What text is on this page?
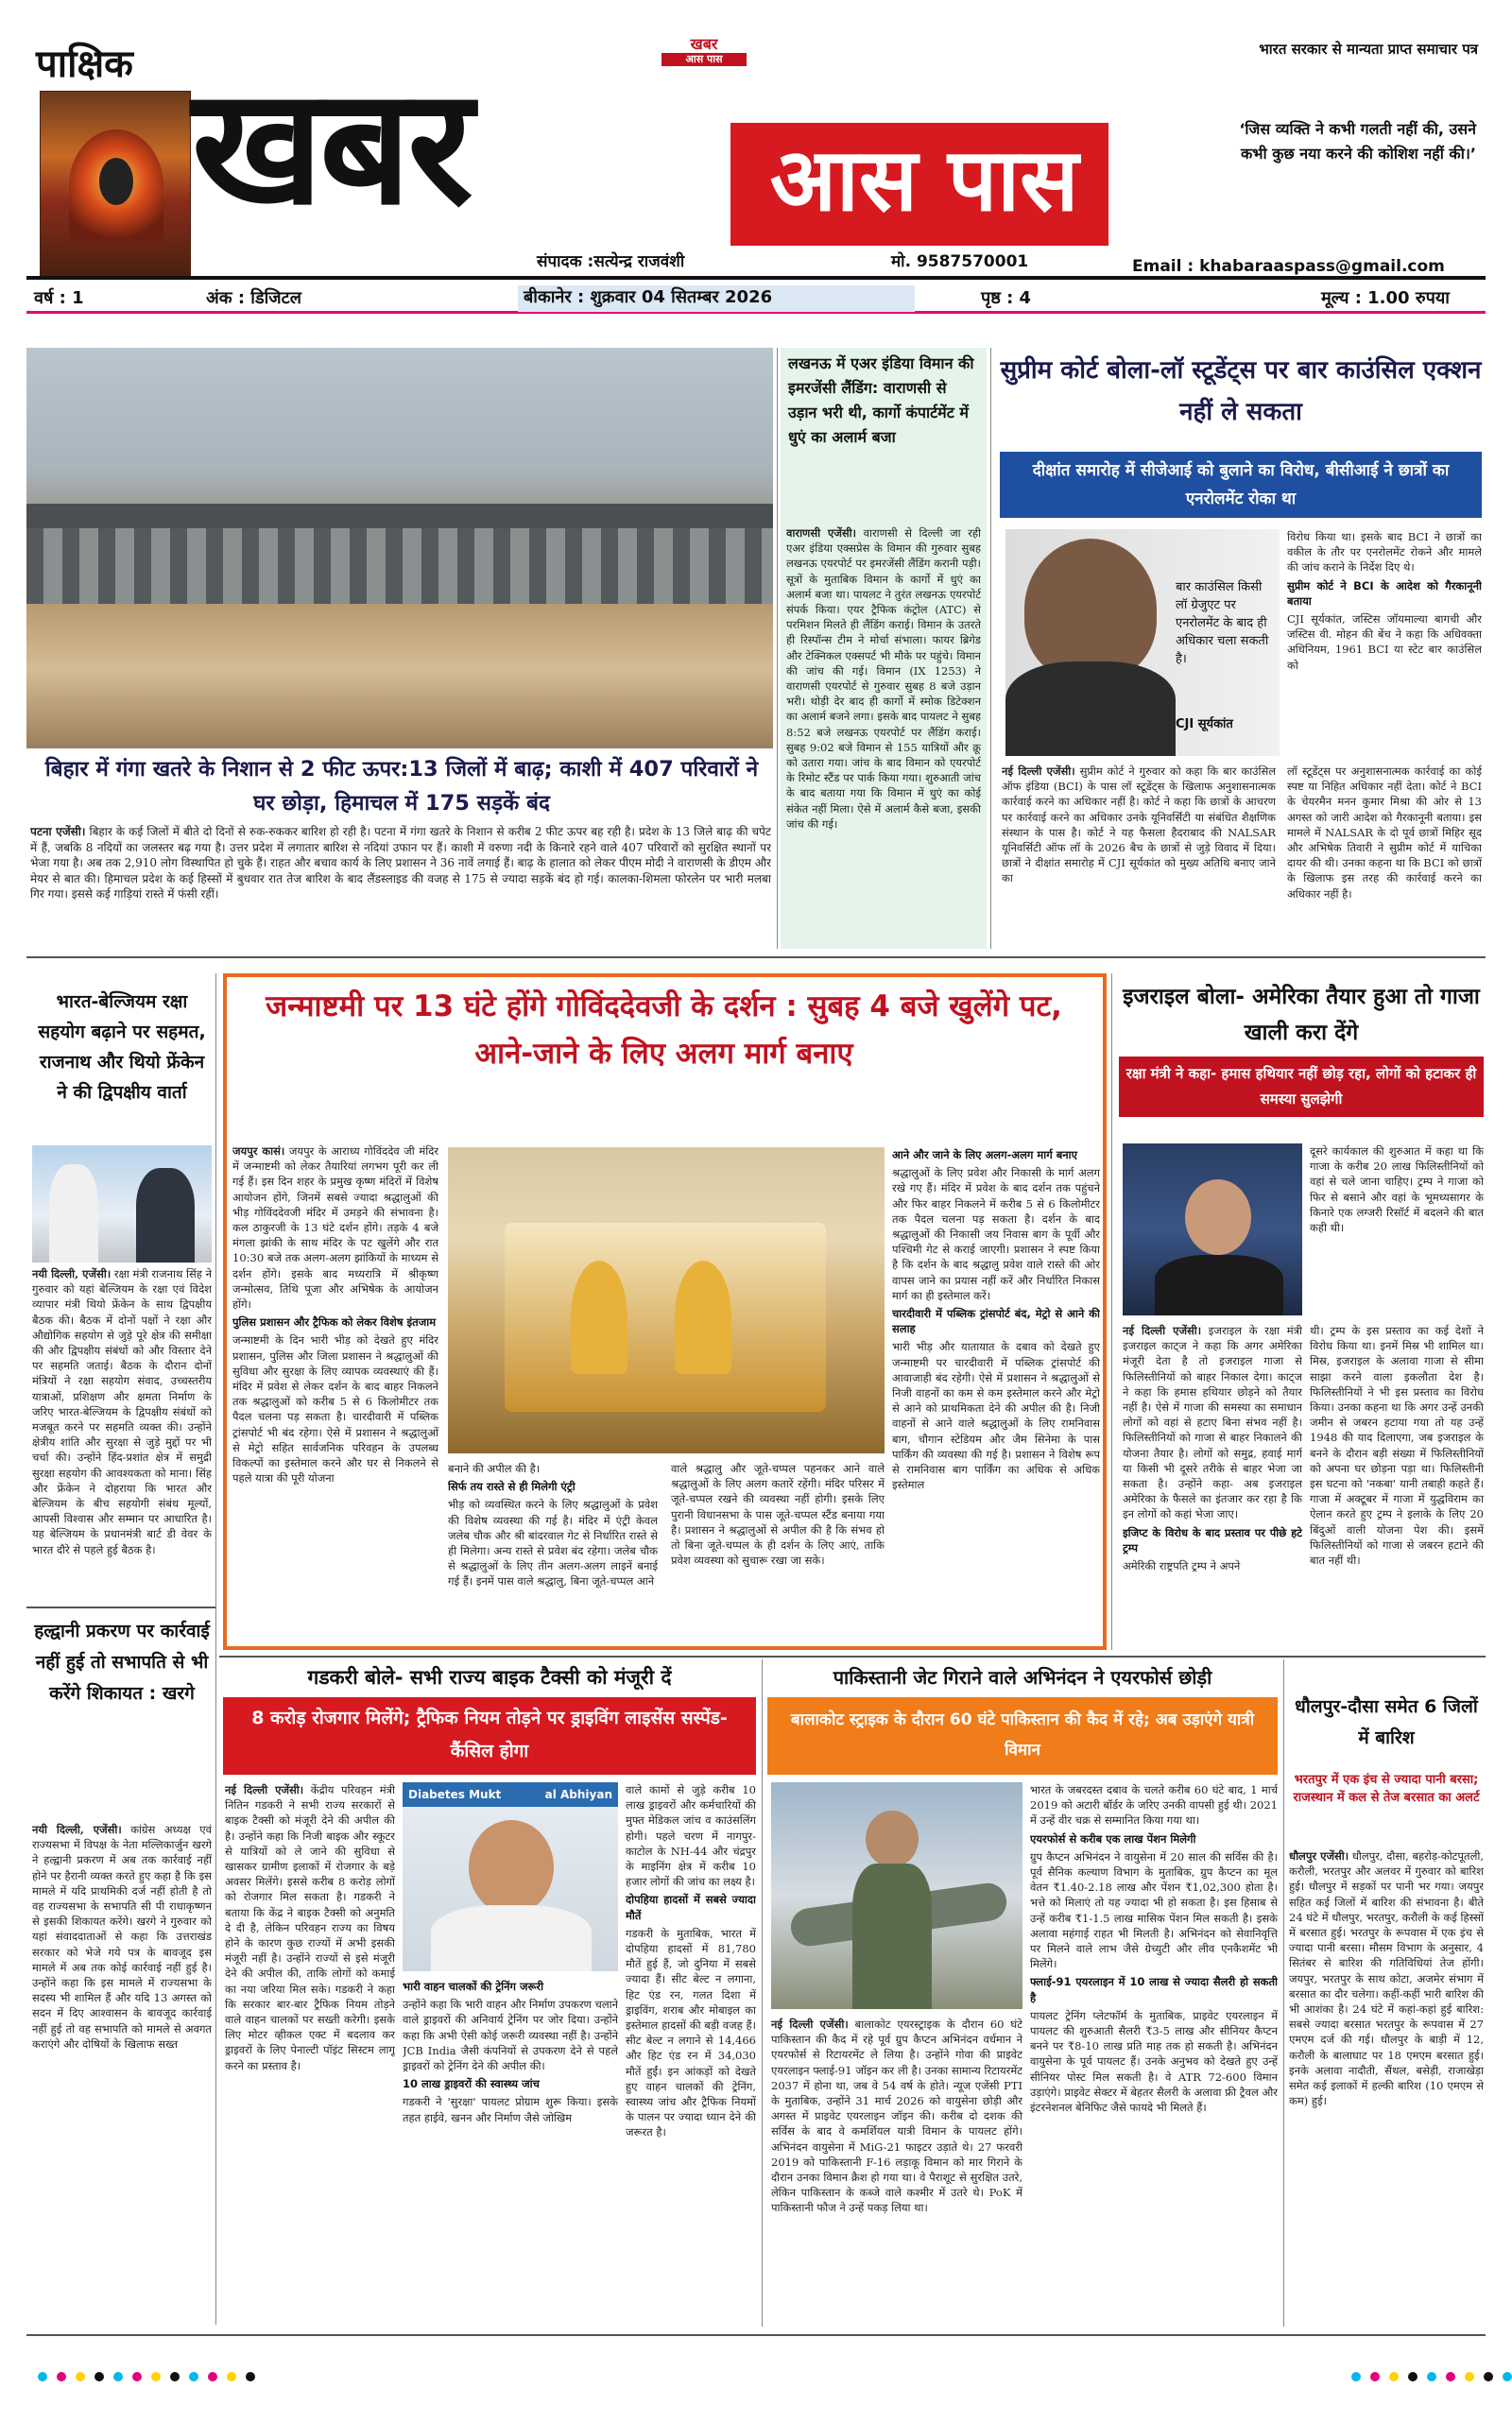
पाक्षिक खबर	आस पास
खबर
आस पास
भारत सरकार से मान्यता प्राप्त समाचार पत्र
‘जिस व्यक्ति ने कभी गलती नहीं की, उसने कभी कुछ नया करने की कोशिश नहीं की।’
संपादक :सत्येन्द्र राजवंशी	मो. 9587570001	Email : khabaraaspass@gmail.com
वर्ष : 1	अंक : डिजिटल	बीकानेर : शुक्रवार 04 सितम्बर 2026	पृष्ठ : 4	मूल्य : 1.00 रुपया
बिहार में गंगा खतरे के निशान से 2 फीट ऊपर:13 जिलों में बाढ़; काशी में 407 परिवारों ने घर छोड़ा, हिमाचल में 175 सड़कें बंद
पटना एजेंसी। बिहार के कई जिलों में बीते दो दिनों से रुक-रुककर बारिश हो रही है। पटना में गंगा खतरे के निशान से करीब 2 फीट ऊपर बह रही है। प्रदेश के 13 जिले बाढ़ की चपेट में हैं, जबकि 8 नदियों का जलस्तर बढ़ गया है। उत्तर प्रदेश में लगातार बारिश से नदियां उफान पर हैं। काशी में वरुणा नदी के किनारे रहने वाले 407 परिवारों को सुरक्षित स्थानों पर भेजा गया है। अब तक 2,910 लोग विस्थापित हो चुके हैं। राहत और बचाव कार्य के लिए प्रशासन ने 36 नावें लगाई हैं। बाढ़ के हालात को लेकर पीएम मोदी ने वाराणसी के डीएम और मेयर से बात की। हिमाचल प्रदेश के कई हिस्सों में बुधवार रात तेज बारिश के बाद लैंडस्लाइड की वजह से 175 से ज्यादा सड़कें बंद हो गई। कालका-शिमला फोरलेन पर भारी मलबा गिर गया। इससे कई गाड़ियां रास्ते में फंसी रहीं।
लखनऊ में एअर इंडिया विमान की इमरजेंसी लैंडिंग: वाराणसी से उड़ान भरी थी, कार्गो कंपार्टमेंट में धुएं का अलार्म बजा
वाराणसी एजेंसी। वाराणसी से दिल्ली जा रही एअर इंडिया एक्सप्रेस के विमान की गुरुवार सुबह लखनऊ एयरपोर्ट पर इमरजेंसी लैंडिंग करानी पड़ी। सूत्रों के मुताबिक विमान के कार्गो में धुएं का अलार्म बजा था। पायलट ने तुरंत लखनऊ एयरपोर्ट संपर्क किया। एयर ट्रैफिक कंट्रोल (ATC) से परमिशन मिलते ही लैंडिंग कराई। विमान के उतरते ही रिस्पॉन्स टीम ने मोर्चा संभाला। फायर ब्रिगेड और टेक्निकल एक्सपर्ट भी मौके पर पहुंचे। विमान की जांच की गई। विमान (IX 1253) ने वाराणसी एयरपोर्ट से गुरुवार सुबह 8 बजे उड़ान भरी। थोड़ी देर बाद ही कार्गो में स्मोक डिटेक्शन का अलार्म बजने लगा। इसके बाद पायलट ने सुबह 8:52 बजे लखनऊ एयरपोर्ट पर लैंडिंग कराई। सुबह 9:02 बजे विमान से 155 यात्रियों और क्रू को उतारा गया। जांच के बाद विमान को एयरपोर्ट के रिमोट स्टैंड पर पार्क किया गया। शुरुआती जांच के बाद बताया गया कि विमान में धुएं का कोई संकेत नहीं मिला। ऐसे में अलार्म कैसे बजा, इसकी जांच की गई।
सुप्रीम कोर्ट बोला-लॉ स्टूडेंट्स पर बार काउंसिल एक्शन नहीं ले सकता
दीक्षांत समारोह में सीजेआई को बुलाने का विरोध, बीसीआई ने छात्रों का एनरोलमेंट रोका था
बार काउंसिल किसी लॉ ग्रेजुएट पर एनरोलमेंट के बाद ही अधिकार चला सकती है।
CJI सूर्यकांत
नई दिल्ली एजेंसी। सुप्रीम कोर्ट ने गुरुवार को कहा कि बार काउंसिल ऑफ इंडिया (BCI) के पास लॉ स्टूडेंट्स के खिलाफ अनुशासनात्मक कार्रवाई करने का अधिकार नहीं है। कोर्ट ने कहा कि छात्रों के आचरण पर कार्रवाई करने का अधिकार उनके यूनिवर्सिटी या संबंधित शैक्षणिक संस्थान के पास है। कोर्ट ने यह फैसला हैदराबाद की NALSAR यूनिवर्सिटी ऑफ लॉ के 2026 बैच के छात्रों से जुड़े विवाद में दिया। छात्रों ने दीक्षांत समारोह में CJI सूर्यकांत को मुख्य अतिथि बनाए जाने का
विरोध किया था। इसके बाद BCI ने छात्रों का वकील के तौर पर एनरोलमेंट रोकने और मामले की जांच कराने के निर्देश दिए थे।
सुप्रीम कोर्ट ने BCI के आदेश को गैरकानूनी बताया
CJI सूर्यकांत, जस्टिस जॉयमाल्या बागची और जस्टिस वी. मोहन की बेंच ने कहा कि अधिवक्ता अधिनियम, 1961 BCI या स्टेट बार काउंसिल को
लॉ स्टूडेंट्स पर अनुशासनात्मक कार्रवाई का कोई स्पष्ट या निहित अधिकार नहीं देता। कोर्ट ने BCI के चेयरमैन मनन कुमार मिश्रा की ओर से 13 अगस्त को जारी आदेश को गैरकानूनी बताया। इस मामले में NALSAR के दो पूर्व छात्रों मिहिर सूद और अभिषेक तिवारी ने सुप्रीम कोर्ट में याचिका दायर की थी। उनका कहना था कि BCI को छात्रों के खिलाफ इस तरह की कार्रवाई करने का अधिकार नहीं है।
भारत-बेल्जियम रक्षा सहयोग बढ़ाने पर सहमत, राजनाथ और थियो फ्रेंकेन ने की द्विपक्षीय वार्ता
नयी दिल्ली, एजेंसी। रक्षा मंत्री राजनाथ सिंह ने गुरुवार को यहां बेल्जियम के रक्षा एवं विदेश व्यापार मंत्री थियो फ्रेंकेन के साथ द्विपक्षीय बैठक की। बैठक में दोनों पक्षों ने रक्षा और औद्योगिक सहयोग से जुड़े पूरे क्षेत्र की समीक्षा की और द्विपक्षीय संबंधों को और विस्तार देने पर सहमति जताई। बैठक के दौरान दोनों मंत्रियों ने रक्षा सहयोग संवाद, उच्चस्तरीय यात्राओं, प्रशिक्षण और क्षमता निर्माण के जरिए भारत-बेल्जियम के द्विपक्षीय संबंधों को मजबूत करने पर सहमति व्यक्त की। उन्होंने क्षेत्रीय शांति और सुरक्षा से जुड़े मुद्दों पर भी चर्चा की। उन्होंने हिंद-प्रशांत क्षेत्र में समुद्री सुरक्षा सहयोग की आवश्यकता को माना। सिंह और फ्रेंकेन ने दोहराया कि भारत और बेल्जियम के बीच सहयोगी संबंध मूल्यों, आपसी विश्वास और सम्मान पर आधारित है। यह बेल्जियम के प्रधानमंत्री बार्ट डी वेवर के भारत दौरे से पहले हुई बैठक है।
जन्माष्टमी पर 13 घंटे होंगे गोविंददेवजी के दर्शन : सुबह 4 बजे खुलेंगे पट, आने-जाने के लिए अलग मार्ग बनाए
जयपुर कासं। जयपुर के आराध्य गोविंददेव जी मंदिर में जन्माष्टमी को लेकर तैयारियां लगभग पूरी कर ली गई हैं। इस दिन शहर के प्रमुख कृष्ण मंदिरों में विशेष आयोजन होंगे, जिनमें सबसे ज्यादा श्रद्धालुओं की भीड़ गोविंददेवजी मंदिर में उमड़ने की संभावना है। कल ठाकुरजी के 13 घंटे दर्शन होंगे। तड़के 4 बजे मंगला झांकी के साथ मंदिर के पट खुलेंगे और रात 10:30 बजे तक अलग-अलग झांकियों के माध्यम से दर्शन होंगे। इसके बाद मध्यरात्रि में श्रीकृष्ण जन्मोत्सव, तिथि पूजा और अभिषेक के आयोजन होंगे।
पुलिस प्रशासन और ट्रैफिक को लेकर विशेष इंतजाम
जन्माष्टमी के दिन भारी भीड़ को देखते हुए मंदिर प्रशासन, पुलिस और जिला प्रशासन ने श्रद्धालुओं की सुविधा और सुरक्षा के लिए व्यापक व्यवस्थाएं की हैं। मंदिर में प्रवेश से लेकर दर्शन के बाद बाहर निकलने तक श्रद्धालुओं को करीब 5 से 6 किलोमीटर तक पैदल चलना पड़ सकता है। चारदीवारी में पब्लिक ट्रांसपोर्ट भी बंद रहेगा। ऐसे में प्रशासन ने श्रद्धालुओं से मेट्रो सहित सार्वजनिक परिवहन के उपलब्ध विकल्पों का इस्तेमाल करने और घर से निकलने से पहले यात्रा की पूरी योजना
बनाने की अपील की है।
सिर्फ तय रास्ते से ही मिलेगी एंट्री
भीड़ को व्यवस्थित करने के लिए श्रद्धालुओं के प्रवेश की विशेष व्यवस्था की गई है। मंदिर में एंट्री केवल जलेब चौक और श्री बांदरवाल गेट से निर्धारित रास्ते से ही मिलेगा। अन्य रास्ते से प्रवेश बंद रहेगा। जलेब चौक से श्रद्धालुओं के लिए तीन अलग-अलग लाइनें बनाई गई हैं। इनमें पास वाले श्रद्धालु, बिना जूते-चप्पल आने
वाले श्रद्धालु और जूते-चप्पल पहनकर आने वाले श्रद्धालुओं के लिए अलग कतारें रहेंगी। मंदिर परिसर में जूते-चप्पल रखने की व्यवस्था नहीं होगी। इसके लिए पुरानी विधानसभा के पास जूते-चप्पल स्टैंड बनाया गया है। प्रशासन ने श्रद्धालुओं से अपील की है कि संभव हो तो बिना जूते-चप्पल के ही दर्शन के लिए आएं, ताकि प्रवेश व्यवस्था को सुचारू रखा जा सके।
आने और जाने के लिए अलग-अलग मार्ग बनाए
श्रद्धालुओं के लिए प्रवेश और निकासी के मार्ग अलग रखे गए हैं। मंदिर में प्रवेश के बाद दर्शन तक पहुंचने और फिर बाहर निकलने में करीब 5 से 6 किलोमीटर तक पैदल चलना पड़ सकता है। दर्शन के बाद श्रद्धालुओं की निकासी जय निवास बाग के पूर्वी और पश्चिमी गेट से कराई जाएगी। प्रशासन ने स्पष्ट किया है कि दर्शन के बाद श्रद्धालु प्रवेश वाले रास्ते की ओर वापस जाने का प्रयास नहीं करें और निर्धारित निकास मार्ग का ही इस्तेमाल करें।
चारदीवारी में पब्लिक ट्रांसपोर्ट बंद, मेट्रो से आने की सलाह
भारी भीड़ और यातायात के दबाव को देखते हुए जन्माष्टमी पर चारदीवारी में पब्लिक ट्रांसपोर्ट की आवाजाही बंद रहेगी। ऐसे में प्रशासन ने श्रद्धालुओं से निजी वाहनों का कम से कम इस्तेमाल करने और मेट्रो से आने को प्राथमिकता देने की अपील की है। निजी वाहनों से आने वाले श्रद्धालुओं के लिए रामनिवास बाग, चौगान स्टेडियम और जैम सिनेमा के पास पार्किंग की व्यवस्था की गई है। प्रशासन ने विशेष रूप से रामनिवास बाग पार्किंग का अधिक से अधिक इस्तेमाल
इजराइल बोला- अमेरिका तैयार हुआ तो गाजा खाली करा देंगे
रक्षा मंत्री ने कहा- हमास हथियार नहीं छोड़ रहा, लोगों को हटाकर ही समस्या सुलझेगी
दूसरे कार्यकाल की शुरुआत में कहा था कि गाजा के करीब 20 लाख फिलिस्तीनियों को वहां से चले जाना चाहिए। ट्रम्प ने गाजा को फिर से बसाने और वहां के भूमध्यसागर के किनारे एक लग्जरी रिसॉर्ट में बदलने की बात कही थी।
नई दिल्ली एजेंसी। इजराइल के रक्षा मंत्री इजराइल काट्ज ने कहा कि अगर अमेरिका मंजूरी देता है तो इजराइल गाजा से फिलिस्तीनियों को बाहर निकाल देगा। काट्ज ने कहा कि हमास हथियार छोड़ने को तैयार नहीं है। ऐसे में गाजा की समस्या का समाधान लोगों को वहां से हटाए बिना संभव नहीं है। फिलिस्तीनियों को गाजा से बाहर निकालने की योजना तैयार है। लोगों को समुद्र, हवाई मार्ग या किसी भी दूसरे तरीके से बाहर भेजा जा सकता है। उन्होंने कहा- अब इजराइल अमेरिका के फैसले का इंतजार कर रहा है कि इन लोगों को कहां भेजा जाए।
इजिप्ट के विरोध के बाद प्रस्ताव पर पीछे हटे ट्रम्प
अमेरिकी राष्ट्रपति ट्रम्प ने अपने
थी। ट्रम्प के इस प्रस्ताव का कई देशों ने विरोध किया था। इनमें मिस्र भी शामिल था। मिस्र, इजराइल के अलावा गाजा से सीमा साझा करने वाला इकलौता देश है। फिलिस्तीनियों ने भी इस प्रस्ताव का विरोध किया। उनका कहना था कि अगर उन्हें उनकी जमीन से जबरन हटाया गया तो यह उन्हें 1948 की याद दिलाएगा, जब इजराइल के बनने के दौरान बड़ी संख्या में फिलिस्तीनियों को अपना घर छोड़ना पड़ा था। फिलिस्तीनी इस घटना को 'नकबा' यानी तबाही कहते हैं। गाजा में अक्टूबर में गाजा में युद्धविराम का ऐलान करते हुए ट्रम्प ने इलाके के लिए 20 बिंदुओं वाली योजना पेश की। इसमें फिलिस्तीनियों को गाजा से जबरन हटाने की बात नहीं थी।
हल्द्वानी प्रकरण पर कार्रवाई नहीं हुई तो सभापति से भी करेंगे शिकायत : खरगे
नयी दिल्ली, एजेंसी। कांग्रेस अध्यक्ष एवं राज्यसभा में विपक्ष के नेता मल्लिकार्जुन खरगे ने हल्द्वानी प्रकरण में अब तक कार्रवाई नहीं होने पर हैरानी व्यक्त करते हुए कहा है कि इस मामले में यदि प्राथमिकी दर्ज नहीं होती है तो वह राज्यसभा के सभापति सी पी राधाकृष्णन से इसकी शिकायत करेंगे। खरगे ने गुरुवार को यहां संवाददाताओं से कहा कि उत्तराखंड सरकार को भेजे गये पत्र के बावजूद इस मामले में अब तक कोई कार्रवाई नहीं हुई है। उन्होंने कहा कि इस मामले में राज्यसभा के सदस्य भी शामिल हैं और यदि 13 अगस्त को सदन में दिए आश्वासन के बावजूद कार्रवाई नहीं हुई तो वह सभापति को मामले से अवगत कराएंगे और दोषियों के खिलाफ सख्त
गडकरी बोले- सभी राज्य बाइक टैक्सी को मंजूरी दें
8 करोड़ रोजगार मिलेंगे; ट्रैफिक नियम तोड़ने पर ड्राइविंग लाइसेंस सस्पेंड-कैंसिल होगा
नई दिल्ली एजेंसी। केंद्रीय परिवहन मंत्री नितिन गडकरी ने सभी राज्य सरकारों से बाइक टैक्सी को मंजूरी देने की अपील की है। उन्होंने कहा कि निजी बाइक और स्कूटर से यात्रियों को ले जाने की सुविधा से खासकर ग्रामीण इलाकों में रोजगार के बड़े अवसर मिलेंगे। इससे करीब 8 करोड़ लोगों को रोजगार मिल सकता है। गडकरी ने बताया कि केंद्र ने बाइक टैक्सी को अनुमति दे दी है, लेकिन परिवहन राज्य का विषय होने के कारण कुछ राज्यों में अभी इसकी मंजूरी नहीं है। उन्होंने राज्यों से इसे मंजूरी देने की अपील की, ताकि लोगों को कमाई का नया जरिया मिल सके। गडकरी ने कहा कि सरकार बार-बार ट्रैफिक नियम तोड़ने वाले वाहन चालकों पर सख्ती करेगी। इसके लिए मोटर व्हीकल एक्ट में बदलाव कर ड्राइवरों के लिए पेनाल्टी पॉइंट सिस्टम लागू करने का प्रस्ताव है।
Diabetes Mukt	al Abhiyan
भारी वाहन चालकों की ट्रेनिंग जरूरी
उन्होंने कहा कि भारी वाहन और निर्माण उपकरण चलाने वाले ड्राइवरों की अनिवार्य ट्रेनिंग पर जोर दिया। उन्होंने कहा कि अभी ऐसी कोई जरूरी व्यवस्था नहीं है। उन्होंने JCB India जैसी कंपनियों से उपकरण देने से पहले ड्राइवरों को ट्रेनिंग देने की अपील की।
10 लाख ड्राइवरों की स्वास्थ्य जांच
गडकरी ने 'सुरक्षा' पायलट प्रोग्राम शुरू किया। इसके तहत हाईवे, खनन और निर्माण जैसे जोखिम
वाले कामों से जुड़े करीब 10 लाख ड्राइवरों और कर्मचारियों की मुफ्त मेडिकल जांच व काउंसलिंग होगी। पहले चरण में नागपुर-काटोल के NH-44 और चंद्रपुर के माइनिंग क्षेत्र में करीब 10 हजार लोगों की जांच का लक्ष्य है।
दोपहिया हादसों में सबसे ज्यादा मौतें
गडकरी के मुताबिक, भारत में दोपहिया हादसों में 81,780 मौतें हुई हैं, जो दुनिया में सबसे ज्यादा हैं। सीट बेल्ट न लगाना, हिट एंड रन, गलत दिशा में ड्राइविंग, शराब और मोबाइल का इस्तेमाल हादसों की बड़ी वजह हैं। सीट बेल्ट न लगाने से 14,466 और हिट एंड रन में 34,030 मौतें हुईं। इन आंकड़ों को देखते हुए वाहन चालकों की ट्रेनिंग, स्वास्थ्य जांच और ट्रैफिक नियमों के पालन पर ज्यादा ध्यान देने की जरूरत है।
पाकिस्तानी जेट गिराने वाले अभिनंदन ने एयरफोर्स छोड़ी
बालाकोट स्ट्राइक के दौरान 60 घंटे पाकिस्तान की कैद में रहे; अब उड़ाएंगे यात्री विमान
नई दिल्ली एजेंसी। बालाकोट एयरस्ट्राइक के दौरान 60 घंटे पाकिस्तान की कैद में रहे पूर्व ग्रुप कैप्टन अभिनंदन वर्धमान ने एयरफोर्स से रिटायरमेंट ले लिया है। उन्होंने गोवा की प्राइवेट एयरलाइन फ्लाई-91 जॉइन कर ली है। उनका सामान्य रिटायरमेंट 2037 में होना था, जब वे 54 वर्ष के होते। न्यूज एजेंसी PTI के मुताबिक, उन्होंने 31 मार्च 2026 को वायुसेना छोड़ी और अगस्त में प्राइवेट एयरलाइन जॉइन की। करीब दो दशक की सर्विस के बाद वे कमर्शियल यात्री विमान के पायलट होंगे। अभिनंदन वायुसेना में MiG-21 फाइटर उड़ाते थे। 27 फरवरी 2019 को पाकिस्तानी F-16 लड़ाकू विमान को मार गिराने के दौरान उनका विमान क्रैश हो गया था। वे पैराशूट से सुरक्षित उतरे, लेकिन पाकिस्तान के कब्जे वाले कश्मीर में उतरे थे। PoK में पाकिस्तानी फौज ने उन्हें पकड़ लिया था।
भारत के जबरदस्त दबाव के चलते करीब 60 घंटे बाद, 1 मार्च 2019 को अटारी बॉर्डर के जरिए उनकी वापसी हुई थी। 2021 में उन्हें वीर चक्र से सम्मानित किया गया था।
एयरफोर्स से करीब एक लाख पेंशन मिलेगी
ग्रुप कैप्टन अभिनंदन ने वायुसेना में 20 साल की सर्विस की है। पूर्व सैनिक कल्याण विभाग के मुताबिक, ग्रुप कैप्टन का मूल वेतन ₹1.40-2.18 लाख और पेंशन ₹1,02,300 होता है। भत्ते को मिलाएं तो यह ज्यादा भी हो सकता है। इस हिसाब से उन्हें करीब ₹1-1.5 लाख मासिक पेंशन मिल सकती है। इसके अलावा महंगाई राहत भी मिलती है। अभिनंदन को सेवानिवृत्ति पर मिलने वाले लाभ जैसे ग्रेच्युटी और लीव एनकैशमेंट भी मिलेंगे।
फ्लाई-91 एयरलाइन में 10 लाख से ज्यादा सैलरी हो सकती है
पायलट ट्रेनिंग प्लेटफॉर्म के मुताबिक, प्राइवेट एयरलाइन में पायलट की शुरुआती सैलरी ₹3-5 लाख और सीनियर कैप्टन बनने पर ₹8-10 लाख प्रति माह तक हो सकती है। अभिनंदन वायुसेना के पूर्व पायलट हैं। उनके अनुभव को देखते हुए उन्हें सीनियर पोस्ट मिल सकती है। वे ATR 72-600 विमान उड़ाएंगे। प्राइवेट सेक्टर में बेहतर सैलरी के अलावा फ्री ट्रैवल और इंटरनेशनल बेनिफिट जैसे फायदे भी मिलते हैं।
धौलपुर-दौसा समेत 6 जिलों में बारिश
भरतपुर में एक इंच से ज्यादा पानी बरसा; राजस्थान में कल से तेज बरसात का अलर्ट
धौलपुर एजेंसी। धौलपुर, दौसा, बहरोड़-कोटपूतली, करौली, भरतपुर और अलवर में गुरुवार को बारिश हुई। धौलपुर में सड़कों पर पानी भर गया। जयपुर सहित कई जिलों में बारिश की संभावना है। बीते 24 घंटे में धौलपुर, भरतपुर, करौली के कई हिस्सों में बरसात हुई। भरतपुर के रूपवास में एक इंच से ज्यादा पानी बरसा। मौसम विभाग के अनुसार, 4 सितंबर से बारिश की गतिविधियां तेज होंगी। जयपुर, भरतपुर के साथ कोटा, अजमेर संभाग में बरसात का दौर चलेगा। कहीं-कहीं भारी बारिश की भी आशंका है। 24 घंटे में कहां-कहां हुई बारिश: सबसे ज्यादा बरसात भरतपुर के रूपवास में 27 एमएम दर्ज की गई। धौलपुर के बाड़ी में 12, करौली के बालाघाट पर 18 एमएम बरसात हुई। इनके अलावा नादौती, सैंथल, बसेड़ी, राजाखेड़ा समेत कई इलाकों में हल्की बारिश (10 एमएम से कम) हुई।
